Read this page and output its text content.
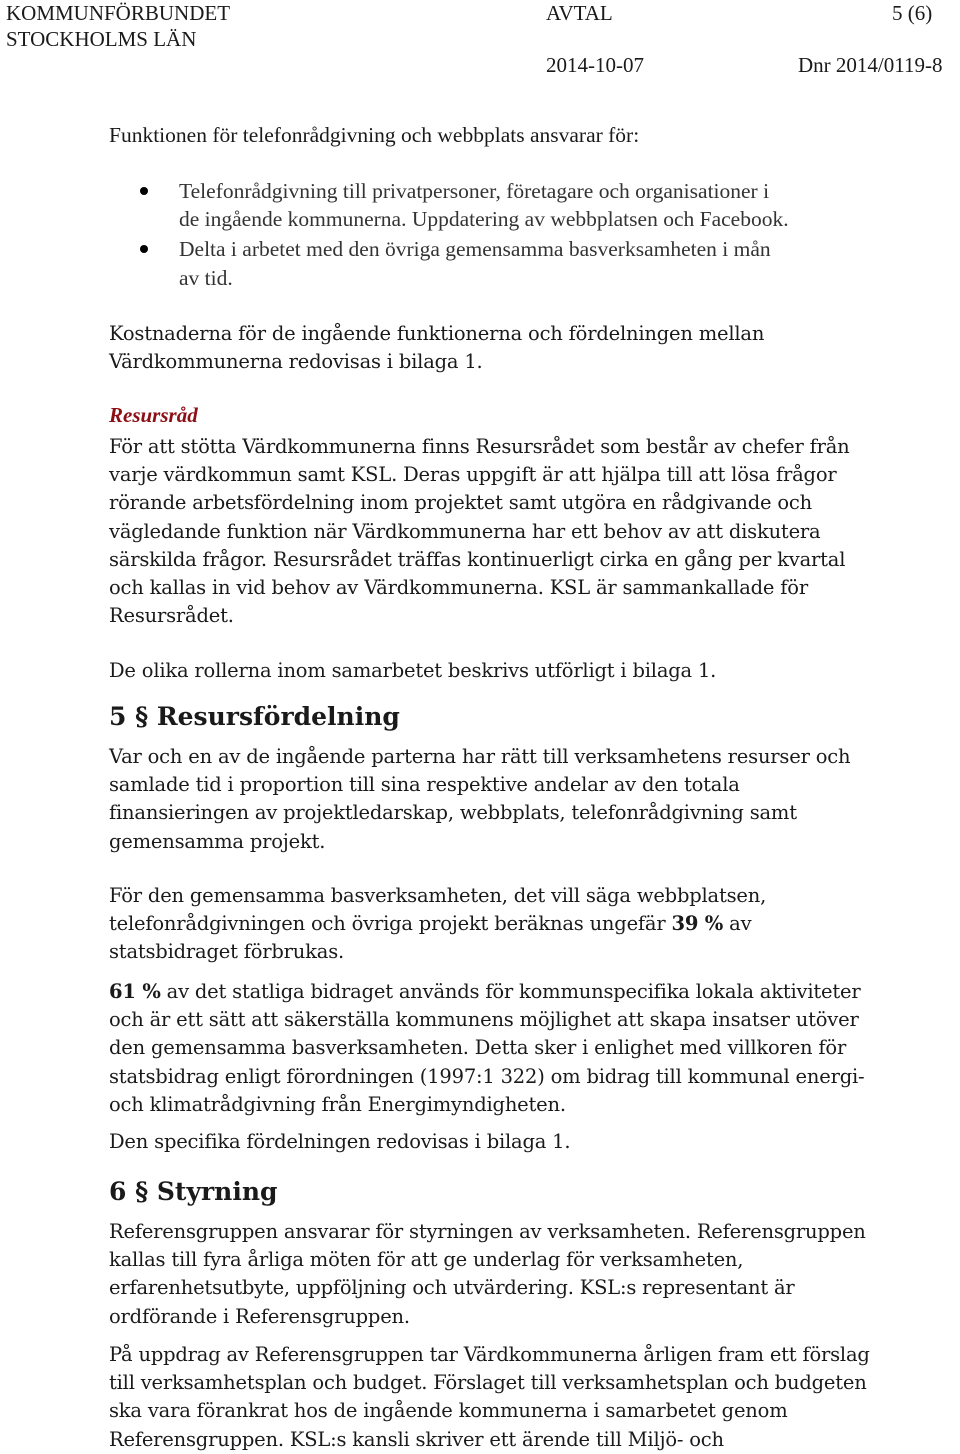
KOMMUNFÖRBUNDET
STOCKHOLMS LÄN
AVTAL	5 (6)
2014-10-07	Dnr 2014/0119-8
Funktionen för telefonrådgivning och webbplats ansvarar för:
Telefonrådgivning till privatpersoner, företagare och organisationer i
de ingående kommunerna. Uppdatering av webbplatsen och Facebook.
Delta i arbetet med den övriga gemensamma basverksamheten i mån
av tid.
Kostnaderna för de ingående funktionerna och fördelningen mellan
Värdkommunerna redovisas i bilaga 1.
Resursråd
För att stötta Värdkommunerna finns Resursrådet som består av chefer från
varje värdkommun samt KSL. Deras uppgift är att hjälpa till att lösa frågor
rörande arbetsfördelning inom projektet samt utgöra en rådgivande och
vägledande funktion när Värdkommunerna har ett behov av att diskutera
särskilda frågor. Resursrådet träffas kontinuerligt cirka en gång per kvartal
och kallas in vid behov av Värdkommunerna. KSL är sammankallade för
Resursrådet.
De olika rollerna inom samarbetet beskrivs utförligt i bilaga 1.
5 § Resursfördelning
Var och en av de ingående parterna har rätt till verksamhetens resurser och
samlade tid i proportion till sina respektive andelar av den totala
finansieringen av projektledarskap, webbplats, telefonrådgivning samt
gemensamma projekt.
För den gemensamma basverksamheten, det vill säga webbplatsen,
telefonrådgivningen och övriga projekt beräknas ungefär 39 % av
statsbidraget förbrukas.
61 % av det statliga bidraget används för kommunspecifika lokala aktiviteter
och är ett sätt att säkerställa kommunens möjlighet att skapa insatser utöver
den gemensamma basverksamheten. Detta sker i enlighet med villkoren för
statsbidrag enligt förordningen (1997:1 322) om bidrag till kommunal energi-
och klimatrådgivning från Energimyndigheten.
Den specifika fördelningen redovisas i bilaga 1.
6 § Styrning
Referensgruppen ansvarar för styrningen av verksamheten. Referensgruppen
kallas till fyra årliga möten för att ge underlag för verksamheten,
erfarenhetsutbyte, uppföljning och utvärdering. KSL:s representant är
ordförande i Referensgruppen.
På uppdrag av Referensgruppen tar Värdkommunerna årligen fram ett förslag
till verksamhetsplan och budget. Förslaget till verksamhetsplan och budgeten
ska vara förankrat hos de ingående kommunerna i samarbetet genom
Referensgruppen. KSL:s kansli skriver ett ärende till Miljö- och
